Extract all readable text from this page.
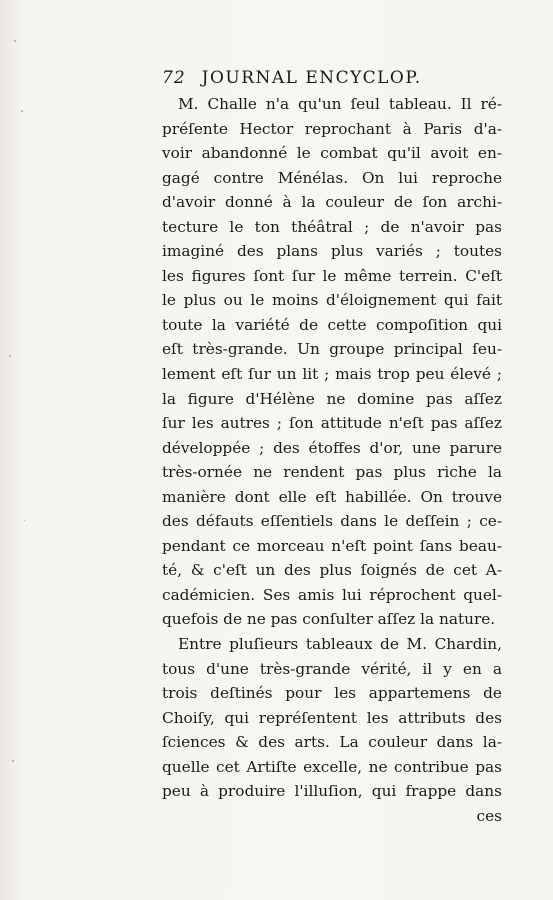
72 JOURNAL ENCYCLOP.
M. Challe n'a qu'un ſeul tableau. Il ré-
préſente Hector reprochant à Paris d'a-
voir abandonné le combat qu'il avoit en-
gagé contre Ménélas. On lui reproche
d'avoir donné à la couleur de ſon archi-
tecture le ton théâtral ; de n'avoir pas
imaginé des plans plus variés ; toutes
les figures ſont ſur le même terrein. C'eſt
le plus ou le moins d'éloignement qui fait
toute la variété de cette compoſition qui
eſt très-grande. Un groupe principal ſeu-
lement eſt ſur un lit ; mais trop peu élevé ;
la figure d'Hélène ne domine pas aſſez
ſur les autres ; ſon attitude n'eſt pas aſſez
développée ; des étoffes d'or, une parure
très-ornée ne rendent pas plus riche la
manière dont elle eſt habillée. On trouve
des défauts eſſentiels dans le deſſein ; ce-
pendant ce morceau n'eſt point ſans beau-
té, & c'eſt un des plus ſoignés de cet A-
cadémicien. Ses amis lui réprochent quel-
quefois de ne pas conſulter aſſez la nature.
Entre pluſieurs tableaux de M. Chardin,
tous d'une très-grande vérité, il y en a
trois deſtinés pour les appartemens de
Choiſy, qui repréſentent les attributs des
ſciences & des arts. La couleur dans la-
quelle cet Artiſte excelle, ne contribue pas
peu à produire l'illuſion, qui frappe dans
ces
